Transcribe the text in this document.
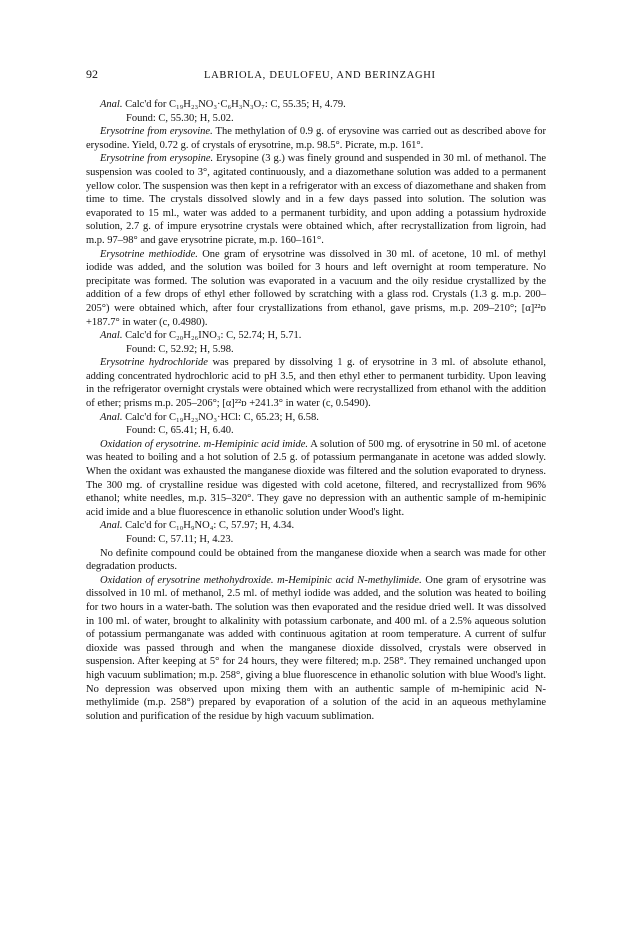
92	LABRIOLA, DEULOFEU, AND BERINZAGHI

Anal. Calc'd for C₁₉H₂₃NO₃·C₆H₃N₃O₇: C, 55.35; H, 4.79.

Found: C, 55.30; H, 5.02.

Erysotrine from erysovine. The methylation of 0.9 g. of erysovine was carried out as described above for erysodine. Yield, 0.72 g. of crystals of erysotrine, m.p. 98.5°. Picrate, m.p. 161°.

Erysotrine from erysopine. Erysopine (3 g.) was finely ground and suspended in 30 ml. of methanol. The suspension was cooled to 3°, agitated continuously, and a diazomethane solution was added to a permanent yellow color. The suspension was then kept in a refrigerator with an excess of diazomethane and shaken from time to time. The crystals dissolved slowly and in a few days passed into solution. The solution was evaporated to 15 ml., water was added to a permanent turbidity, and upon adding a potassium hydroxide solution, 2.7 g. of impure erysotrine crystals were obtained which, after recrystallization from ligroin, had m.p. 97–98° and gave erysotrine picrate, m.p. 160–161°.

Erysotrine methiodide. One gram of erysotrine was dissolved in 30 ml. of acetone, 10 ml. of methyl iodide was added, and the solution was boiled for 3 hours and left overnight at room temperature. No precipitate was formed. The solution was evaporated in a vacuum and the oily residue crystallized by the addition of a few drops of ethyl ether followed by scratching with a glass rod. Crystals (1.3 g. m.p. 200–205°) were obtained which, after four crystallizations from ethanol, gave prisms, m.p. 209–210°; [α]²²ᴅ +187.7° in water (c, 0.4980).

Anal. Calc'd for C₂₀H₂₆INO₃: C, 52.74; H, 5.71.

Found: C, 52.92; H, 5.98.

Erysotrine hydrochloride was prepared by dissolving 1 g. of erysotrine in 3 ml. of absolute ethanol, adding concentrated hydrochloric acid to pH 3.5, and then ethyl ether to permanent turbidity. Upon leaving in the refrigerator overnight crystals were obtained which were recrystallized from ethanol with the addition of ether; prisms m.p. 205–206°; [α]²²ᴅ +241.3° in water (c, 0.5490).

Anal. Calc'd for C₁₉H₂₃NO₃·HCl: C, 65.23; H, 6.58.

Found: C, 65.41; H, 6.40.

Oxidation of erysotrine. m-Hemipinic acid imide. A solution of 500 mg. of erysotrine in 50 ml. of acetone was heated to boiling and a hot solution of 2.5 g. of potassium permanganate in acetone was added slowly. When the oxidant was exhausted the manganese dioxide was filtered and the solution evaporated to dryness. The 300 mg. of crystalline residue was digested with cold acetone, filtered, and recrystallized from 96% ethanol; white needles, m.p. 315–320°. They gave no depression with an authentic sample of m-hemipinic acid imide and a blue fluorescence in ethanolic solution under Wood's light.

Anal. Calc'd for C₁₀H₉NO₄: C, 57.97; H, 4.34.

Found: C, 57.11; H, 4.23.

No definite compound could be obtained from the manganese dioxide when a search was made for other degradation products.

Oxidation of erysotrine methohydroxide. m-Hemipinic acid N-methylimide. One gram of erysotrine was dissolved in 10 ml. of methanol, 2.5 ml. of methyl iodide was added, and the solution was heated to boiling for two hours in a water-bath. The solution was then evaporated and the residue dried well. It was dissolved in 100 ml. of water, brought to alkalinity with potassium carbonate, and 400 ml. of a 2.5% aqueous solution of potassium permanganate was added with continuous agitation at room temperature. A current of sulfur dioxide was passed through and when the manganese dioxide dissolved, crystals were observed in suspension. After keeping at 5° for 24 hours, they were filtered; m.p. 258°. They remained unchanged upon high vacuum sublimation; m.p. 258°, giving a blue fluorescence in ethanolic solution with blue Wood's light. No depression was observed upon mixing them with an authentic sample of m-hemipinic acid N-methylimide (m.p. 258°) prepared by evaporation of a solution of the acid in an aqueous methylamine solution and purification of the residue by high vacuum sublimation.
